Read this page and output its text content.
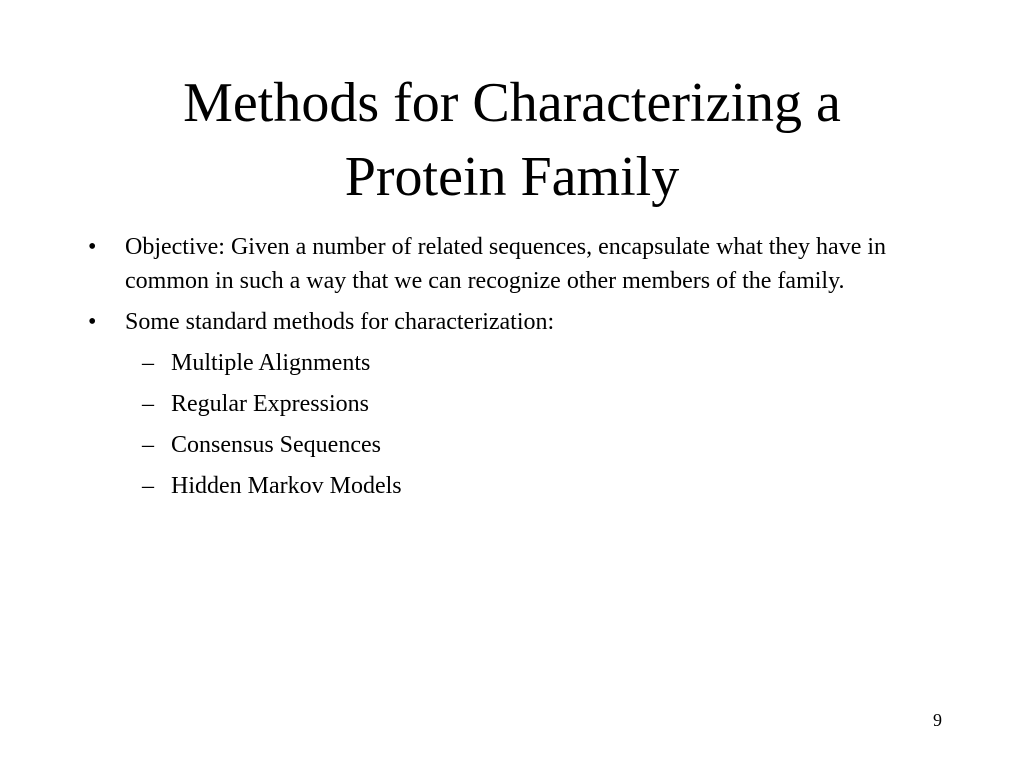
Methods for Characterizing a
Protein Family
• Objective: Given a number of related sequences, encapsulate what they have in common in such a way that we can recognize other members of the family.
• Some standard methods for characterization:
– Multiple Alignments
– Regular Expressions
– Consensus Sequences
– Hidden Markov Models
9
